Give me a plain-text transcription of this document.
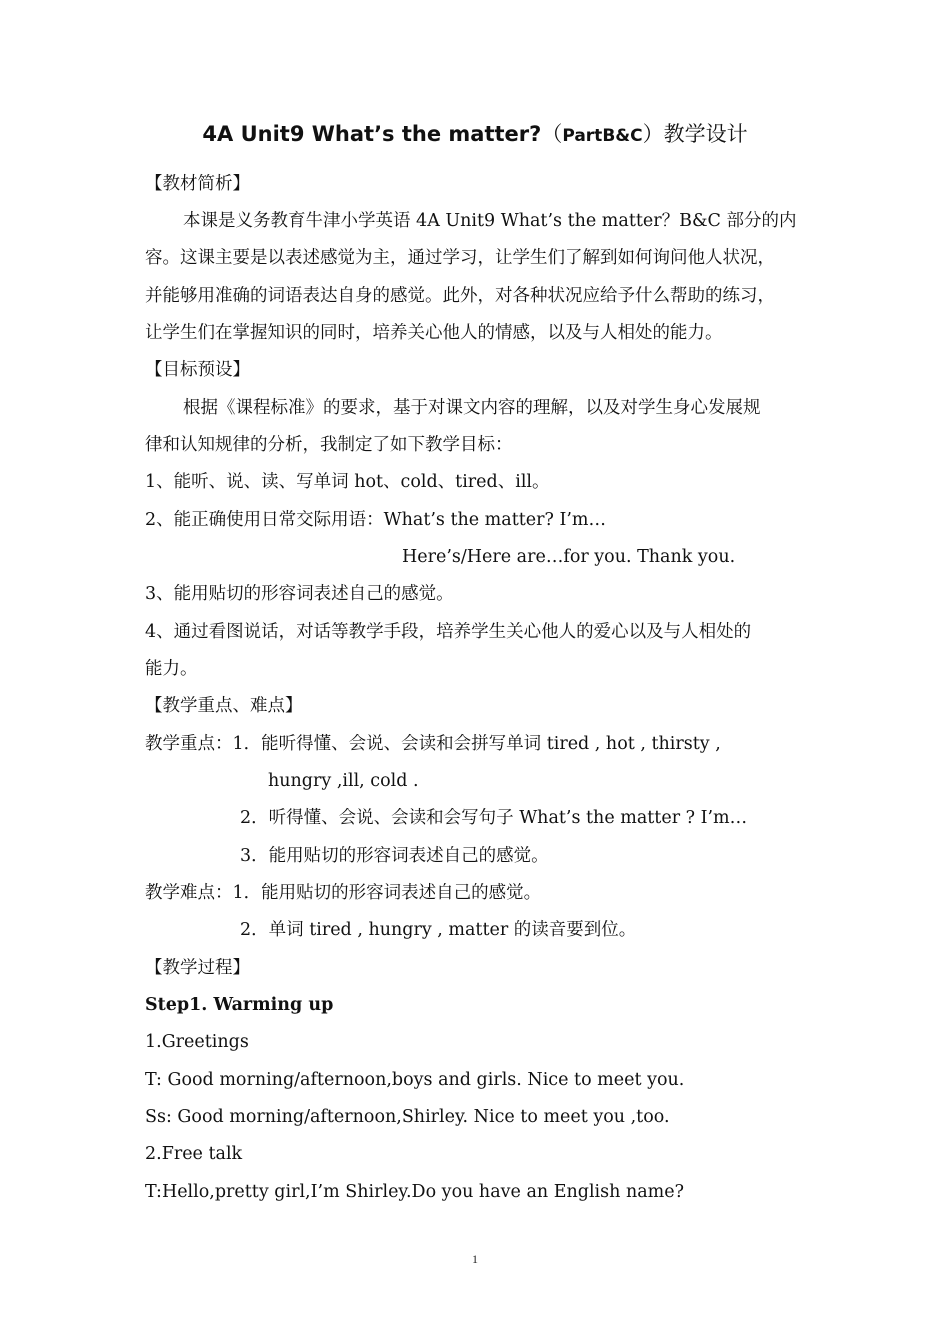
4A Unit9 What’s the matter?（PartB&C）教学设计
【教材简析】
本课是义务教育牛津小学英语 4A Unit9 What’s the matter？B&C 部分的内
容。这课主要是以表述感觉为主，通过学习，让学生们了解到如何询问他人状况，
并能够用准确的词语表达自身的感觉。此外，对各种状况应给予什么帮助的练习，
让学生们在掌握知识的同时，培养关心他人的情感，以及与人相处的能力。
【目标预设】
根据《课程标准》的要求，基于对课文内容的理解，以及对学生身心发展规
律和认知规律的分析，我制定了如下教学目标：
1、能听、说、读、写单词 hot、cold、tired、ill。
2、能正确使用日常交际用语：What’s the matter? I’m…
Here’s/Here are…for you. Thank you.
3、能用贴切的形容词表述自己的感觉。
4、通过看图说话，对话等教学手段，培养学生关心他人的爱心以及与人相处的
能力。
【教学重点、难点】
教学重点：1．能听得懂、会说、会读和会拼写单词 tired , hot , thirsty ,
hungry ,ill, cold .
2．听得懂、会说、会读和会写句子 What’s the matter ? I’m…
3．能用贴切的形容词表述自己的感觉。
教学难点：1．能用贴切的形容词表述自己的感觉。
2．单词 tired , hungry , matter 的读音要到位。
【教学过程】
Step1. Warming up
1.Greetings
T: Good morning/afternoon,boys and girls. Nice to meet you.
Ss: Good morning/afternoon,Shirley. Nice to meet you ,too.
2.Free talk
T:Hello,pretty girl,I’m Shirley.Do you have an English name?
1
